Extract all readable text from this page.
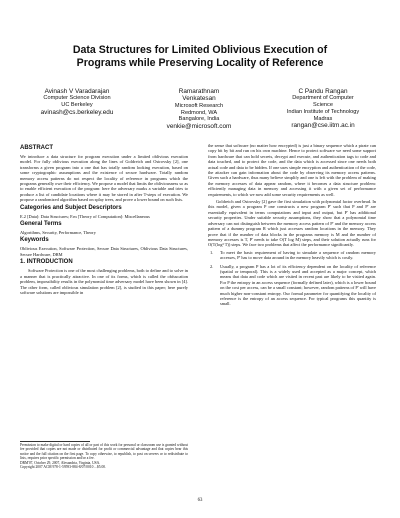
Data Structures for Limited Oblivious Execution of
Programs while Preserving Locality of Reference
Avinash V Varadarajan
Computer Science Division
UC Berkeley
avinash@cs.berkeley.edu
Ramarathnam
Venkatesan
Microsoft Research
Redmond, WA
Bangalore, India
venkie@microsoft.com
C Pandu Rangan
Department of Computer
Science
Indian Institute of Technology
Madras
rangan@cse.iitm.ac.in
ABSTRACT
We introduce a data structure for program execution under a limited oblivious execution model. For fully oblivious execution along the lines of Goldreich and Ostrovsky [2], one transforms a given program into a one that has totally random looking execution, based on some cryptographic assumptions and the existence of secure hardware. Totally random memory access patterns do not respect the locality of reference in programs which the programs generally owe their efficiency. We propose a model that limits the obliviousness so as to enable efficient execution of the program: here the adversary marks a variable and tries to produce a list of candidate locations where it may be stored in after T-steps of execution. We propose a randomized algorithm based on splay trees, and prove a lower bound on such lists.
Categories and Subject Descriptors
E.2 [Data]: Data Structures; F.m [Theory of Computation]: Miscellaneous
General Terms
Algorithms, Security, Performance, Theory
Keywords
Oblivious Execution, Software Protection, Secure Data Structures, Oblivious Data Structures, Secure Hardware, DRM
1. INTRODUCTION
Software Protection is one of the most challenging problems, both to define and to solve in a manner that is practically attractive. In one of its forms, which is called the obfuscation problem, impossibility results in the polynomial time adversary model have been shown in [4]. The other form, called oblivious simulation problem [2], is studied in this paper; here purely software solutions are impossible in
Permission to make digital or hard copies of all or part of this work for personal or classroom use is granted without fee provided that copies are not made or distributed for profit or commercial advantage and that copies bear this notice and the full citation on the first page. To copy otherwise, to republish, to post on servers or to redistribute to lists, requires prior specific permission and/or a fee.
DRM'07, October 29, 2007, Alexandria, Virginia, USA.
Copyright 2007 ACM 978-1-59593-884-8/07/0010 ...$5.00.
the sense that software (no matter how encrypted) is just a binary sequence which a pirate can copy bit by bit and run on his own machine. Hence to protect software we need some support from hardware that can hold secrets, decrypt and execute, and authentication tags to code and data touched, and to protect the code, and the data which is accessed since one needs both actual code and data to be hidden. If one uses simple encryption and authentication of the code, the attacker can gain information about the code by observing its memory access patterns. Given such a hardware, thus many believe simplify and one is left with the problem of making the memory accesses of data appear random, where it becomes a data structure problem: efficiently managing data in memory and accessing it with a given set of performance requirements, to which we now add some security requirements as well.
Goldreich and Ostrovsky [2] gave the first simulation with polynomial factor overhead. In this model, given a program P one constructs a new program P' such that P and P' are essentially equivalent in terms computations and input and output, but P' has additional security properties. Under suitable security assumptions, they show that a polynomial time adversary can not distinguish between the memory access pattern of P' and the memory access pattern of a dummy program R which just accesses random locations in the memory. They prove that if the number of data blocks in the programs memory is M and the number of memory accesses is T, P' needs to take O(T log M) steps, and their solution actually runs for O(T(log³ T)) steps. We face two problems that affect the performance significantly.
1. To meet the basic requirement of having to simulate a sequence of random memory accesses, P' has to move data around in the memory heavily which is costly.
2. Usually, a program P has a lot of its efficiency dependent on the locality of reference (spatial or temporal). This is a widely used and accepted as a major concept, which means that data and code which are visited in recent past are likely to be visited again. For P the entropy in an access sequence (formally defined later), which is a lower bound on the cost per access, can be a small constant; however, random patterns of P' will have much higher non-constant entropy. Our formal parameter for quantifying the locality of reference is the entropy of an access sequence. For typical programs this quantity is small.
63
